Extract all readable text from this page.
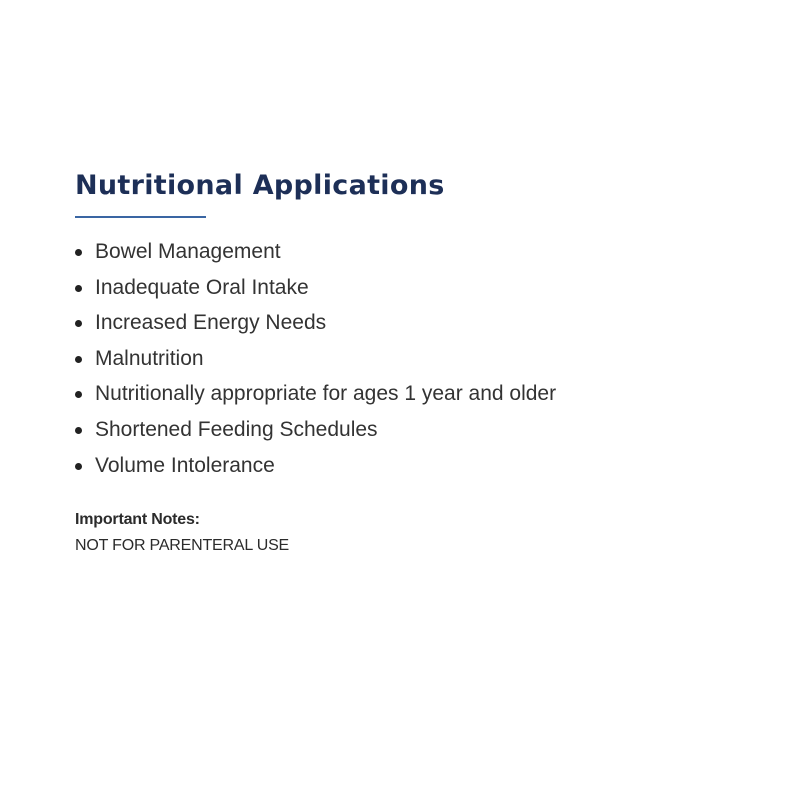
Nutritional Applications
Bowel Management
Inadequate Oral Intake
Increased Energy Needs
Malnutrition
Nutritionally appropriate for ages 1 year and older
Shortened Feeding Schedules
Volume Intolerance
Important Notes:
NOT FOR PARENTERAL USE
